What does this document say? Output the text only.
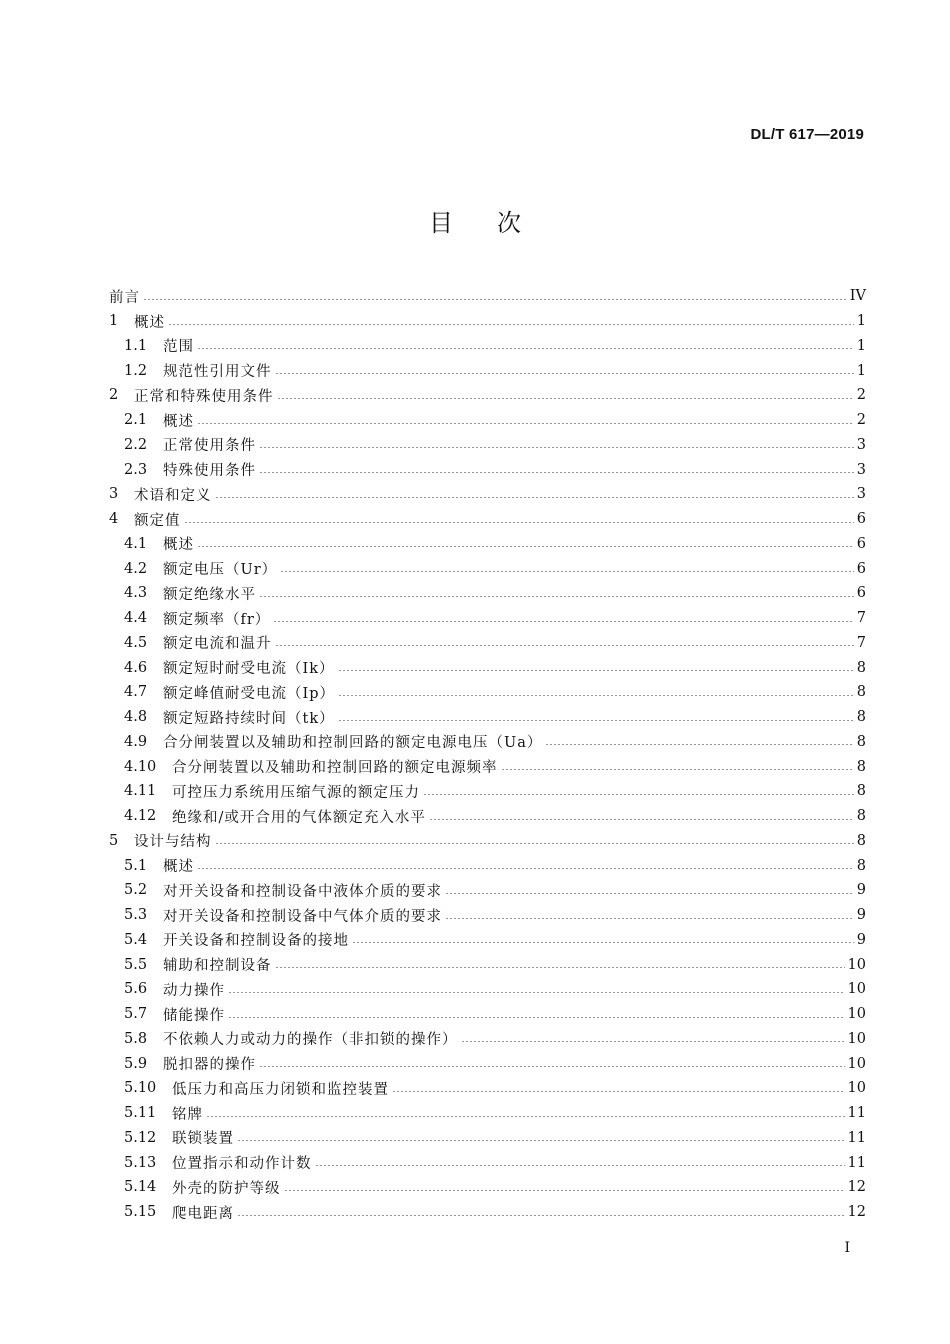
DL/T 617—2019
目次
前言	IV
1	概述	1
1.1	范围	1
1.2	规范性引用文件	1
2	正常和特殊使用条件	2
2.1	概述	2
2.2	正常使用条件	3
2.3	特殊使用条件	3
3	术语和定义	3
4	额定值	6
4.1	概述	6
4.2	额定电压（Ur）	6
4.3	额定绝缘水平	6
4.4	额定频率（fr）	7
4.5	额定电流和温升	7
4.6	额定短时耐受电流（Ik）	8
4.7	额定峰值耐受电流（Ip）	8
4.8	额定短路持续时间（tk）	8
4.9	合分闸装置以及辅助和控制回路的额定电源电压（Ua）	8
4.10	合分闸装置以及辅助和控制回路的额定电源频率	8
4.11	可控压力系统用压缩气源的额定压力	8
4.12	绝缘和/或开合用的气体额定充入水平	8
5	设计与结构	8
5.1	概述	8
5.2	对开关设备和控制设备中液体介质的要求	9
5.3	对开关设备和控制设备中气体介质的要求	9
5.4	开关设备和控制设备的接地	9
5.5	辅助和控制设备	10
5.6	动力操作	10
5.7	储能操作	10
5.8	不依赖人力或动力的操作（非扣锁的操作）	10
5.9	脱扣器的操作	10
5.10	低压力和高压力闭锁和监控装置	10
5.11	铭牌	11
5.12	联锁装置	11
5.13	位置指示和动作计数	11
5.14	外壳的防护等级	12
5.15	爬电距离	12
I
